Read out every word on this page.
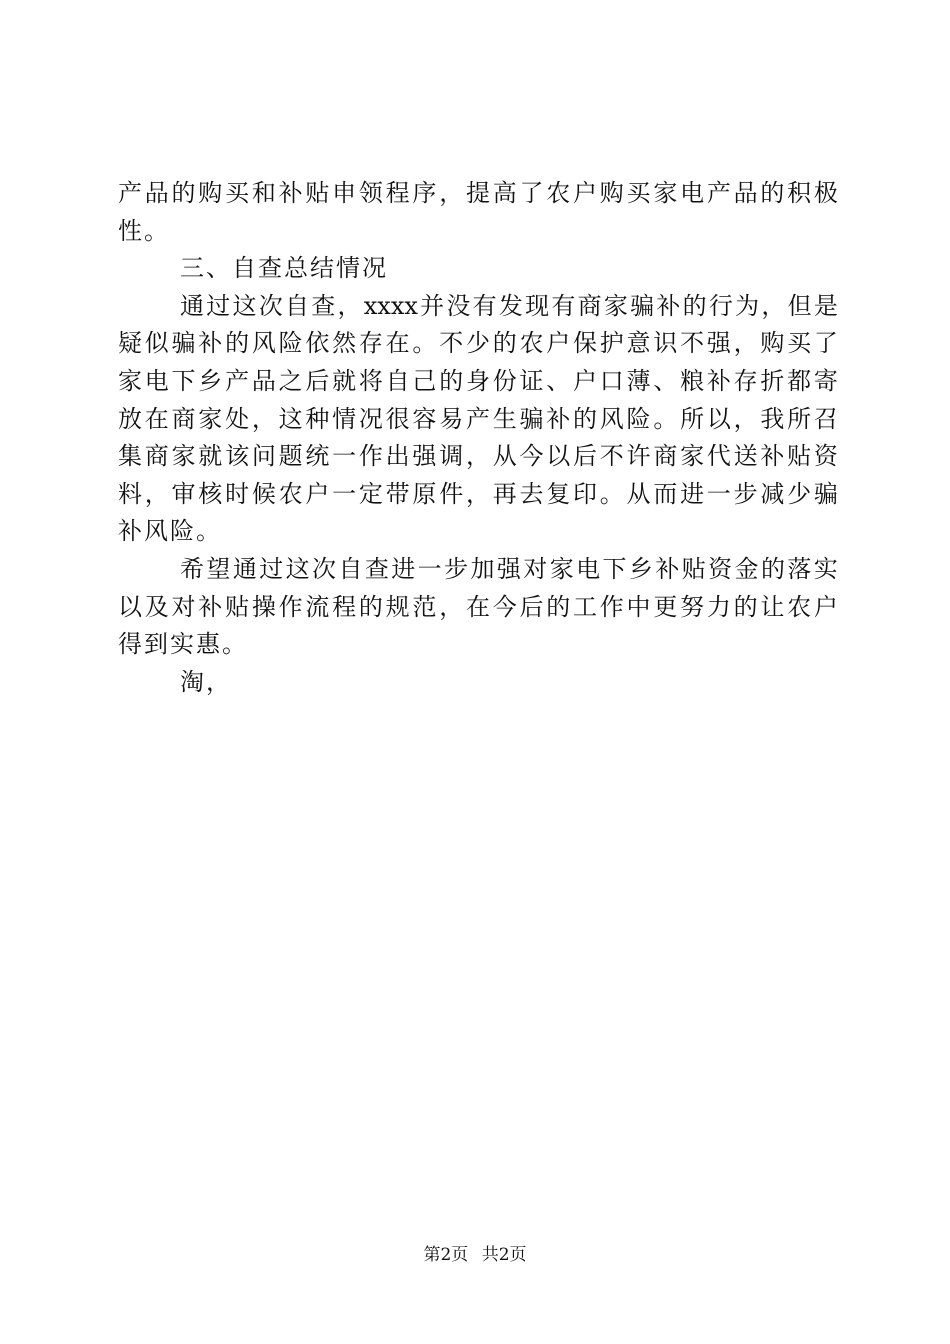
产 品 的 购 买 和 补 贴 申 领 程 序 ， 提 高 了 农 户 购 买 家 电 产 品 的 积 极
性。
三、自查总结情况
通 过 这 次 自 查 ， xxxx 并 没 有 发 现 有 商 家 骗 补 的 行 为 ， 但 是
疑 似 骗 补 的 风 险 依 然 存 在 。 不 少 的 农 户 保 护 意 识 不 强 ， 购 买 了
家 电 下 乡 产 品 之 后 就 将 自 己 的 身 份 证 、 户 口 薄 、 粮 补 存 折 都 寄
放 在 商 家 处 ， 这 种 情 况 很 容 易 产 生 骗 补 的 风 险 。 所 以 ， 我 所 召
集 商 家 就 该 问 题 统 一 作 出 强 调 ， 从 今 以 后 不 许 商 家 代 送 补 贴 资
料 ， 审 核 时 候 农 户 一 定 带 原 件 ， 再 去 复 印 。 从 而 进 一 步 减 少 骗
补风险。
希 望 通 过 这 次 自 查 进 一 步 加 强 对 家 电 下 乡 补 贴 资 金 的 落 实
以 及 对 补 贴 操 作 流 程 的 规 范 ， 在 今 后 的 工 作 中 更 努 力 的 让 农 户
得到实惠。
淘，
第2页 共2页
